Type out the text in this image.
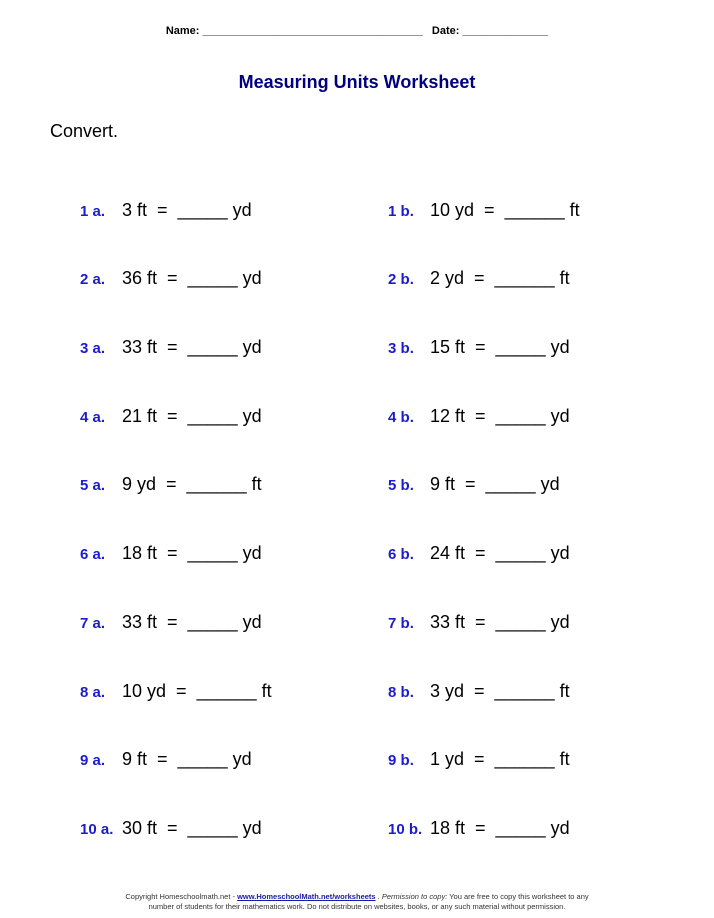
Name: ____________________________________   Date: ______________
Measuring Units Worksheet
Convert.

1 a. 3 ft  =  _____ yd	1 b. 10 yd  =  ______ ft

2 a. 36 ft  =  _____ yd	2 b. 2 yd  =  ______ ft

3 a. 33 ft  =  _____ yd	3 b. 15 ft  =  _____ yd

4 a. 21 ft  =  _____ yd	4 b. 12 ft  =  _____ yd

5 a. 9 yd  =  ______ ft	5 b. 9 ft  =  _____ yd

6 a. 18 ft  =  _____ yd	6 b. 24 ft  =  _____ yd

7 a. 33 ft  =  _____ yd	7 b. 33 ft  =  _____ yd

8 a. 10 yd  =  ______ ft	8 b. 3 yd  =  ______ ft

9 a. 9 ft  =  _____ yd	9 b. 1 yd  =  ______ ft

10 a. 30 ft  =  _____ yd	10 b. 18 ft  =  _____ yd

Copyright Homeschoolmath.net - www.HomeschoolMath.net/worksheets . Permission to copy: You are free to copy this worksheet to any
number of students for their mathematics work. Do not distribute on websites, books, or any such material without permission.
